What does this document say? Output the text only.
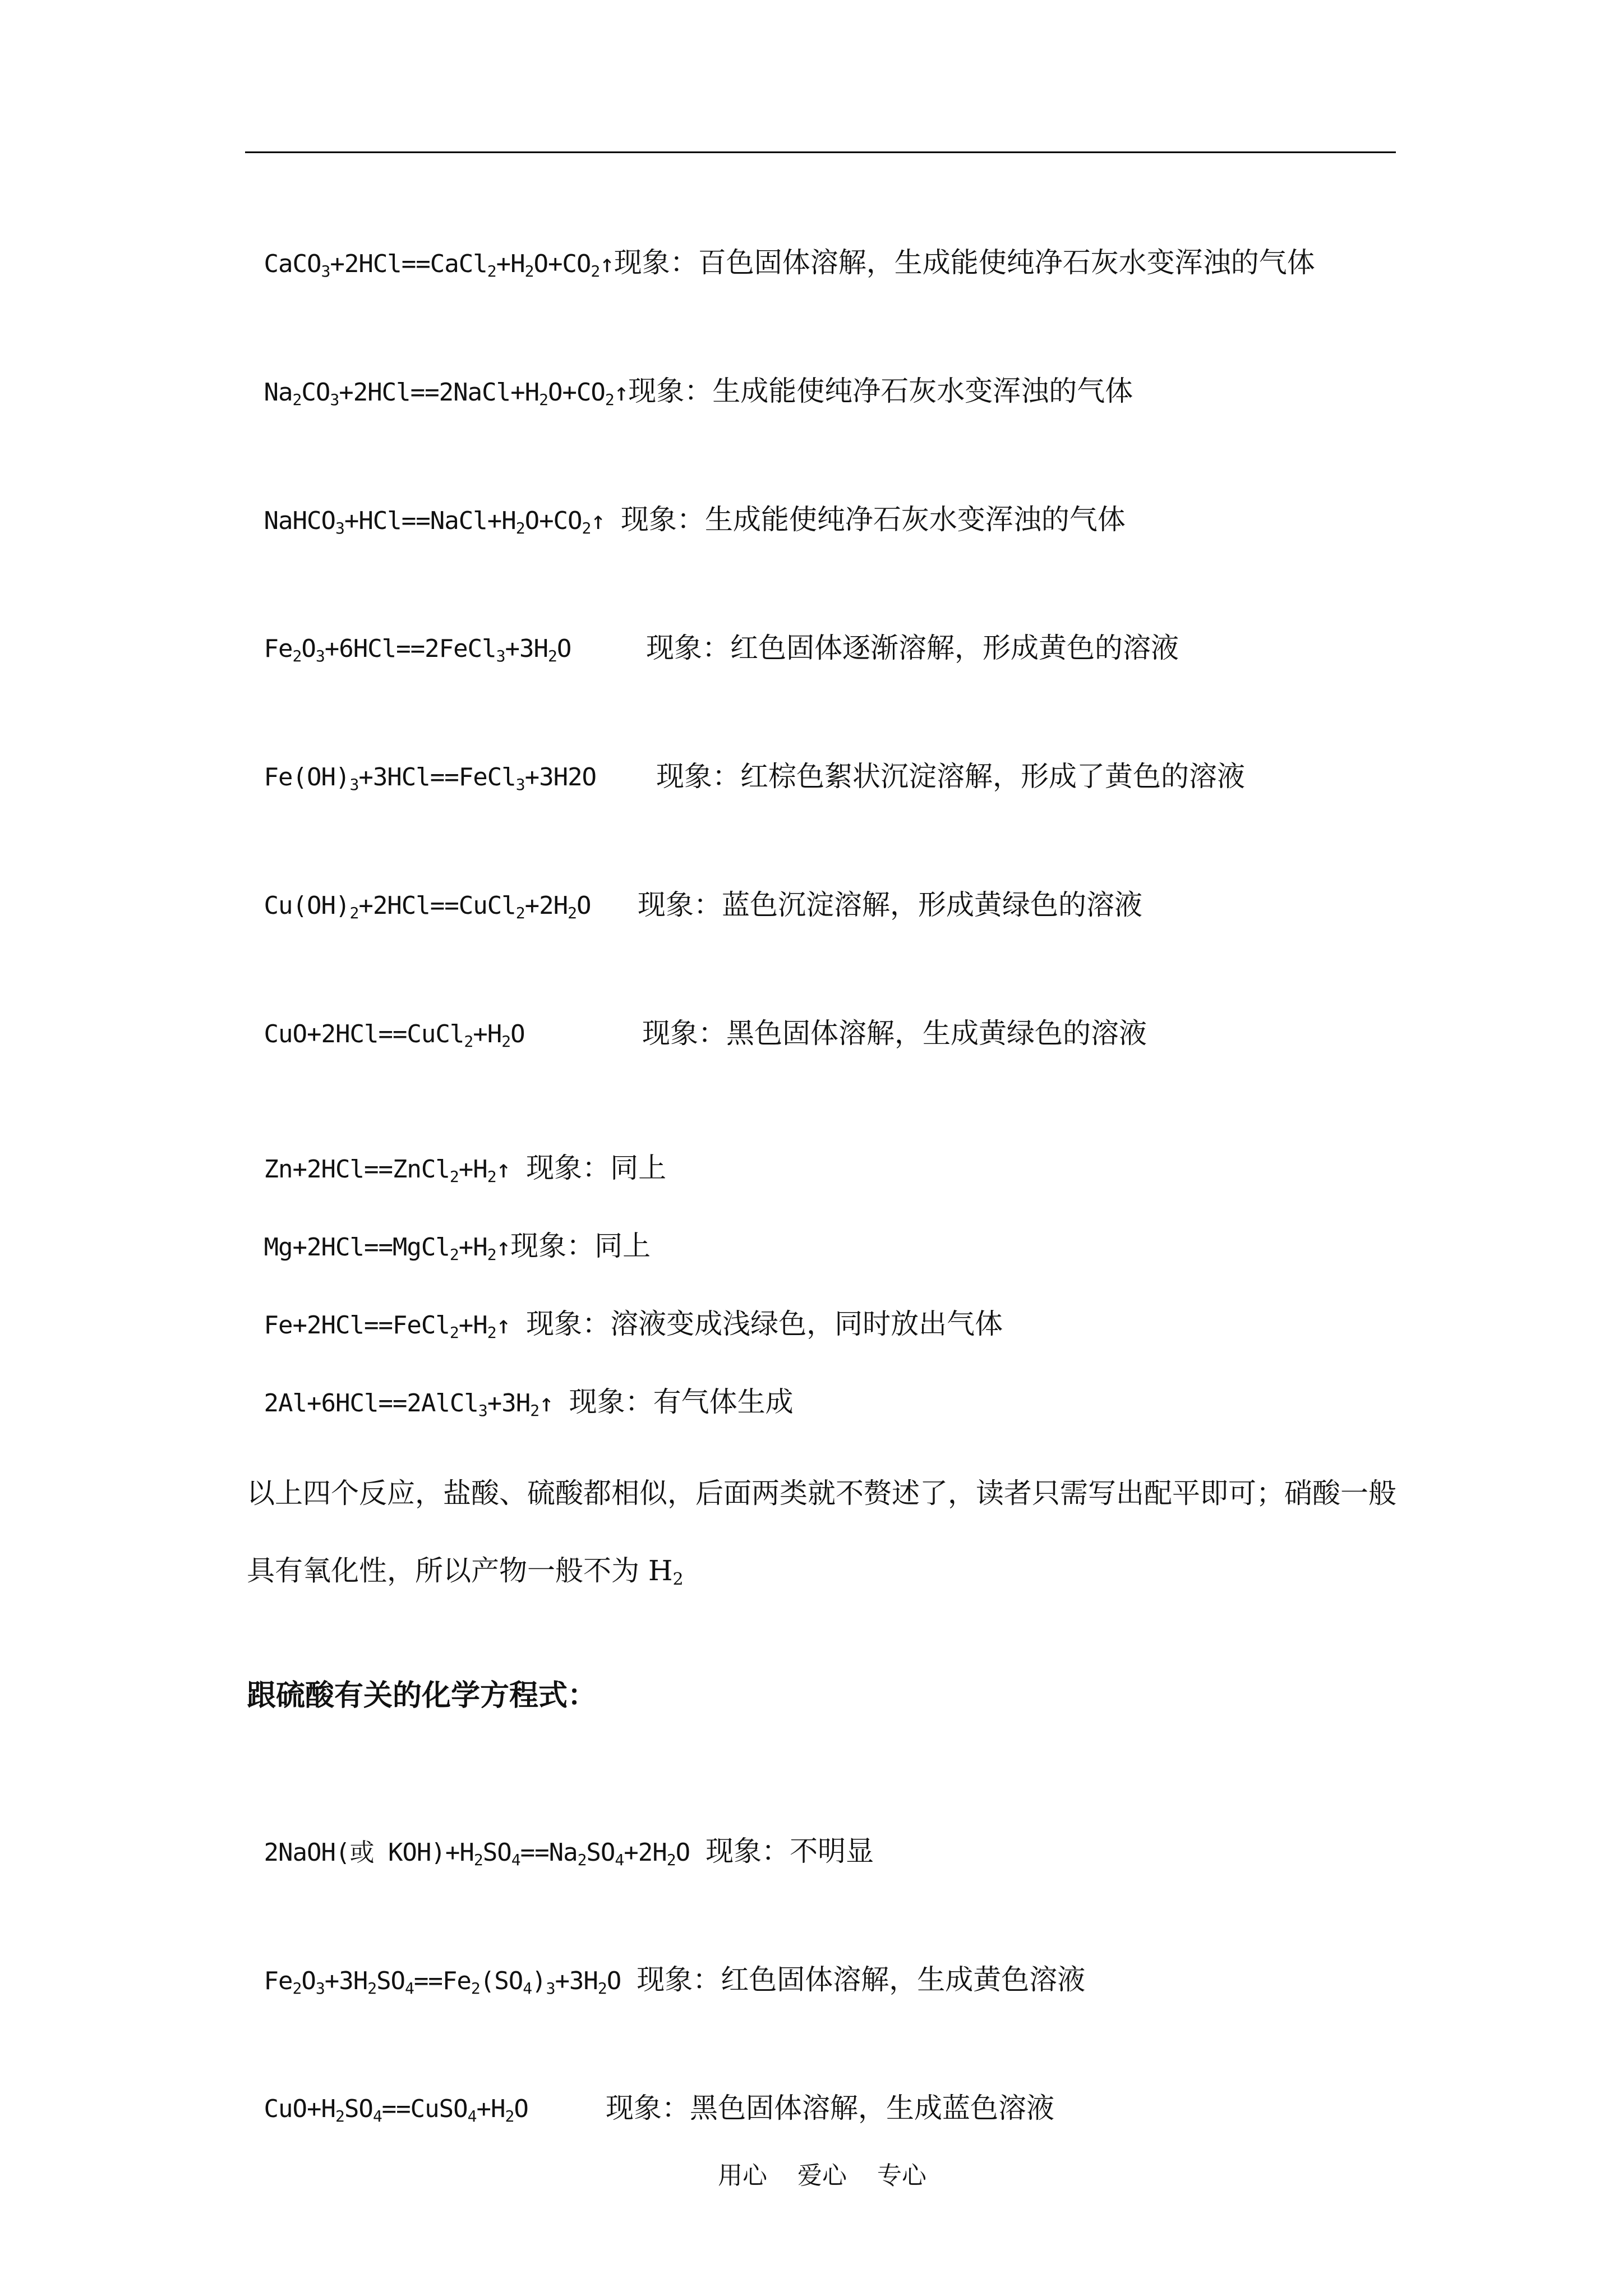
$CaCO_3+2HCl==CaCl_2+H_2O+CO_2↑$现象：百色固体溶解，生成能使纯净石灰水变浑浊的气体

$Na_2CO_3+2HCl==2NaCl+H_2O+CO_2↑$现象：生成能使纯净石灰水变浑浊的气体

$NaHCO_3+HCl==NaCl+H_2O+CO_2↑$ 现象：生成能使纯净石灰水变浑浊的气体

$Fe_2O_3+6HCl==2FeCl_3+3H_2O$	现象：红色固体逐渐溶解，形成黄色的溶液

$Fe(OH)_3+3HCl==FeCl_3+3H2O$ 现象：红棕色絮状沉淀溶解，形成了黄色的溶液

$Cu(OH)_2+2HCl==CuCl_2+2H_2O$ 现象：蓝色沉淀溶解，形成黄绿色的溶液

$CuO+2HCl==CuCl_2+H_2O$	现象：黑色固体溶解，生成黄绿色的溶液

$Zn+2HCl==ZnCl_2+H_2↑$ 现象：同上

$Mg+2HCl==MgCl_2+H_2↑$现象：同上

$Fe+2HCl==FeCl_2+H_2↑$ 现象：溶液变成浅绿色，同时放出气体

$2Al+6HCl==2AlCl_3+3H_2↑$ 现象：有气体生成

以上四个反应，盐酸、硫酸都相似，后面两类就不赘述了，读者只需写出配平即可；硝酸一般具有氧化性，所以产物一般不为 $H_2$
跟硫酸有关的化学方程式：

2NaOH(或 $KOH)+H_2SO_4==Na_2SO_4+2H_2O$ 现象：不明显

$Fe_2O_3+3H_2SO_4==Fe_2(SO_4)_3+3H_2O$ 现象：红色固体溶解，生成黄色溶液

$CuO+H_2SO_4==CuSO_4+H_2O$	现象：黑色固体溶解，生成蓝色溶液

用心 爱心 专心
